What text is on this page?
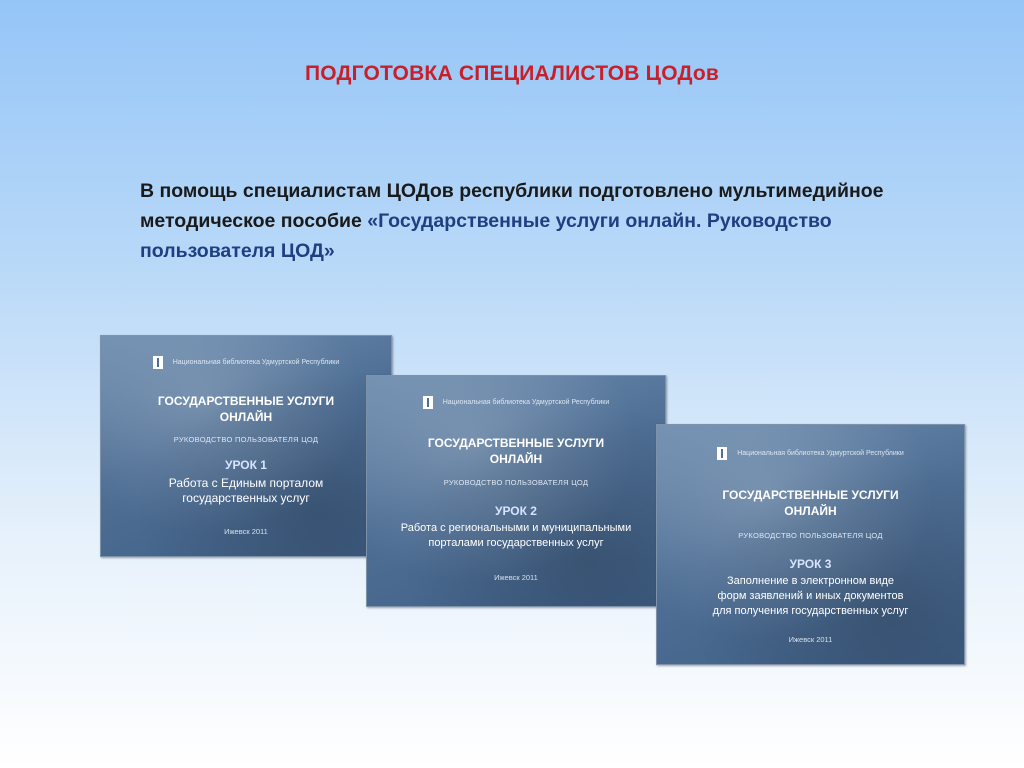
ПОДГОТОВКА СПЕЦИАЛИСТОВ ЦОДов
В помощь специалистам ЦОДов республики подготовлено мультимедийное методическое пособие «Государственные услуги онлайн. Руководство пользователя ЦОД»
Национальная библиотека Удмуртской Республики
ГОСУДАРСТВЕННЫЕ УСЛУГИ
ОНЛАЙН
РУКОВОДСТВО ПОЛЬЗОВАТЕЛЯ ЦОД
УРОК 1
Работа с Единым порталом
государственных услуг
Ижевск 2011
Национальная библиотека Удмуртской Республики
ГОСУДАРСТВЕННЫЕ УСЛУГИ
ОНЛАЙН
РУКОВОДСТВО ПОЛЬЗОВАТЕЛЯ ЦОД
УРОК 2
Работа с региональными и муниципальными
порталами государственных услуг
Ижевск 2011
Национальная библиотека Удмуртской Республики
ГОСУДАРСТВЕННЫЕ УСЛУГИ
ОНЛАЙН
РУКОВОДСТВО ПОЛЬЗОВАТЕЛЯ ЦОД
УРОК 3
Заполнение в электронном виде
форм заявлений и иных документов
для получения государственных услуг
Ижевск 2011
